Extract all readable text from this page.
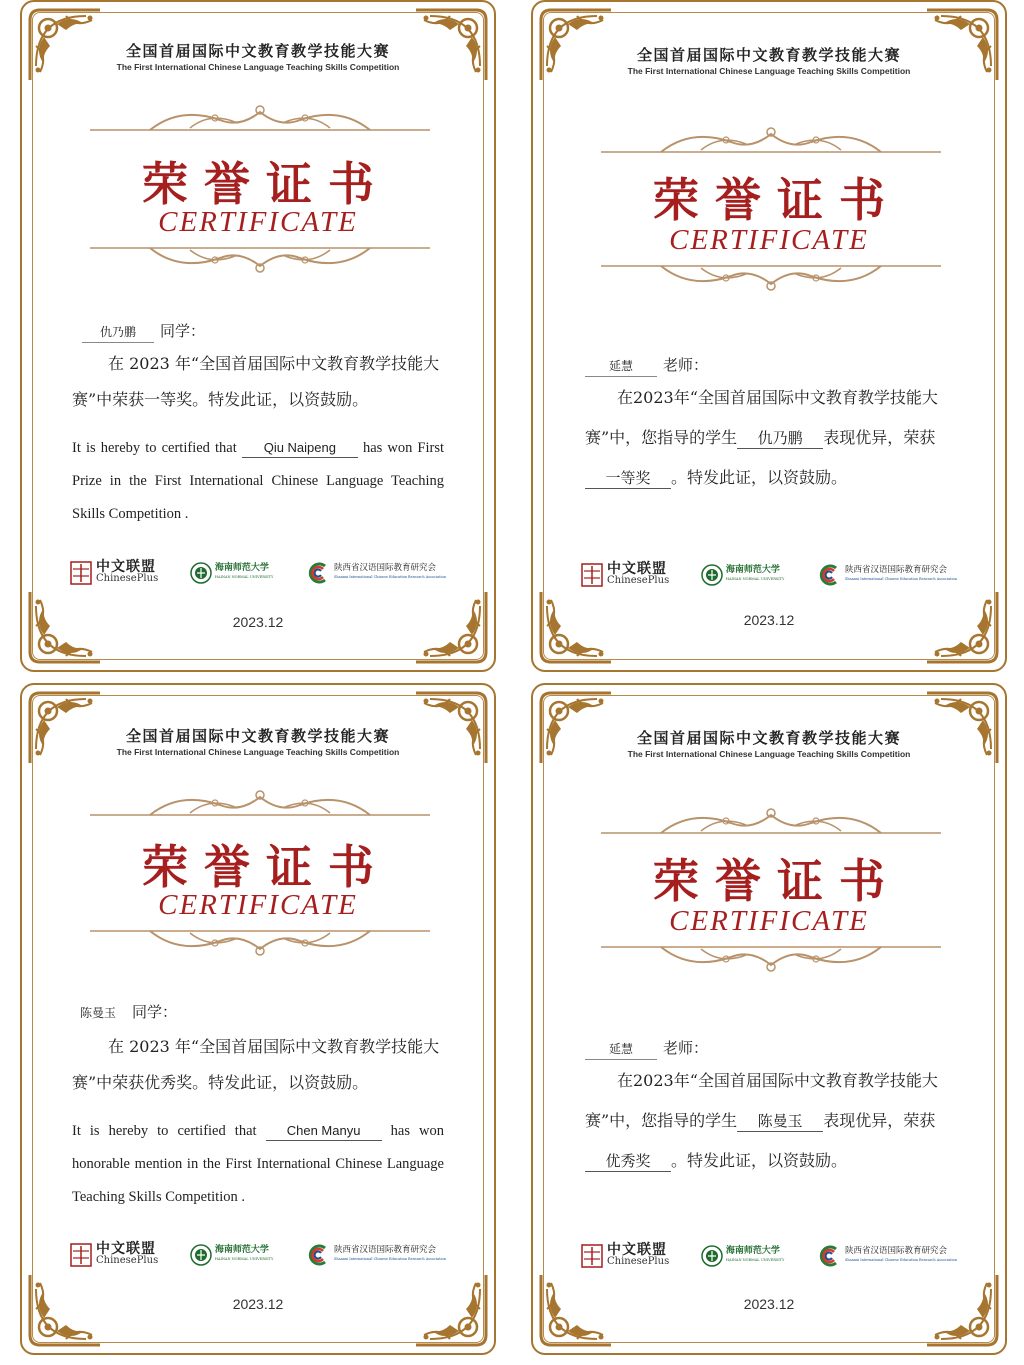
全国首届国际中文教育教学技能大赛
The First International Chinese Language Teaching Skills Competition
荣誉证书
CERTIFICATE
仇乃鹏 同学：
在 2023 年“全国首届国际中文教育教学技能大赛”中荣获一等奖。特发此证，以资鼓励。
It is hereby to certified that Qiu Naipeng has won First Prize in the First International Chinese Language Teaching Skills Competition .
中文联盟
ChinesePlus
海南师范大学
HAINAN NORMAL UNIVERSITY
陕西省汉语国际教育研究会
Shaanxi International Chinese Education Research Association
2023.12
全国首届国际中文教育教学技能大赛
The First International Chinese Language Teaching Skills Competition
荣誉证书
CERTIFICATE
延慧 老师：
在2023年“全国首届国际中文教育教学技能大赛”中，您指导的学生 仇乃鹏 表现优异，荣获一等奖 。特发此证，以资鼓励。
中文联盟
ChinesePlus
海南师范大学
HAINAN NORMAL UNIVERSITY
陕西省汉语国际教育研究会
Shaanxi International Chinese Education Research Association
2023.12
全国首届国际中文教育教学技能大赛
The First International Chinese Language Teaching Skills Competition
荣誉证书
CERTIFICATE
陈曼玉 同学：
在 2023 年“全国首届国际中文教育教学技能大赛”中荣获优秀奖。特发此证，以资鼓励。
It is hereby to certified that Chen Manyu has won honorable mention in the First International Chinese Language Teaching Skills Competition .
中文联盟
ChinesePlus
海南师范大学
HAINAN NORMAL UNIVERSITY
陕西省汉语国际教育研究会
Shaanxi International Chinese Education Research Association
2023.12
全国首届国际中文教育教学技能大赛
The First International Chinese Language Teaching Skills Competition
荣誉证书
CERTIFICATE
延慧 老师：
在2023年“全国首届国际中文教育教学技能大赛”中，您指导的学生 陈曼玉 表现优异，荣获优秀奖 。特发此证，以资鼓励。
中文联盟
ChinesePlus
海南师范大学
HAINAN NORMAL UNIVERSITY
陕西省汉语国际教育研究会
Shaanxi International Chinese Education Research Association
2023.12
